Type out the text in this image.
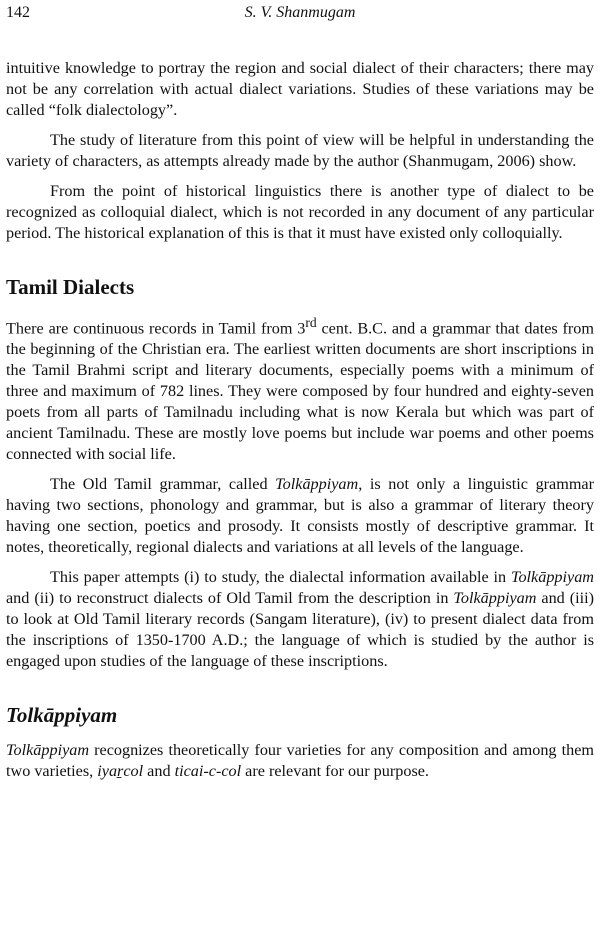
142	S. V. Shanmugam

intuitive knowledge to portray the region and social dialect of their characters; there may not be any correlation with actual dialect variations. Studies of these variations may be called “folk dialectology”.

The study of literature from this point of view will be helpful in understanding the variety of characters, as attempts already made by the author (Shanmugam, 2006) show.

From the point of historical linguistics there is another type of dialect to be recognized as colloquial dialect, which is not recorded in any document of any particular period. The historical explanation of this is that it must have existed only colloquially.

Tamil Dialects

There are continuous records in Tamil from 3rd cent. B.C. and a grammar that dates from the beginning of the Christian era. The earliest written documents are short inscriptions in the Tamil Brahmi script and literary documents, especially poems with a minimum of three and maximum of 782 lines. They were composed by four hundred and eighty-seven poets from all parts of Tamilnadu including what is now Kerala but which was part of ancient Tamilnadu. These are mostly love poems but include war poems and other poems connected with social life.

The Old Tamil grammar, called Tolkāppiyam, is not only a linguistic grammar having two sections, phonology and grammar, but is also a grammar of literary theory having one section, poetics and prosody. It consists mostly of descriptive grammar. It notes, theoretically, regional dialects and variations at all levels of the language.

This paper attempts (i) to study, the dialectal information available in Tolkāppiyam and (ii) to reconstruct dialects of Old Tamil from the description in Tolkāppiyam and (iii) to look at Old Tamil literary records (Sangam literature), (iv) to present dialect data from the inscriptions of 1350-1700 A.D.; the language of which is studied by the author is engaged upon studies of the language of these inscriptions.

Tolkāppiyam

Tolkāppiyam recognizes theoretically four varieties for any composition and among them two varieties, iyaṟcol and ticai-c-col are relevant for our purpose.
